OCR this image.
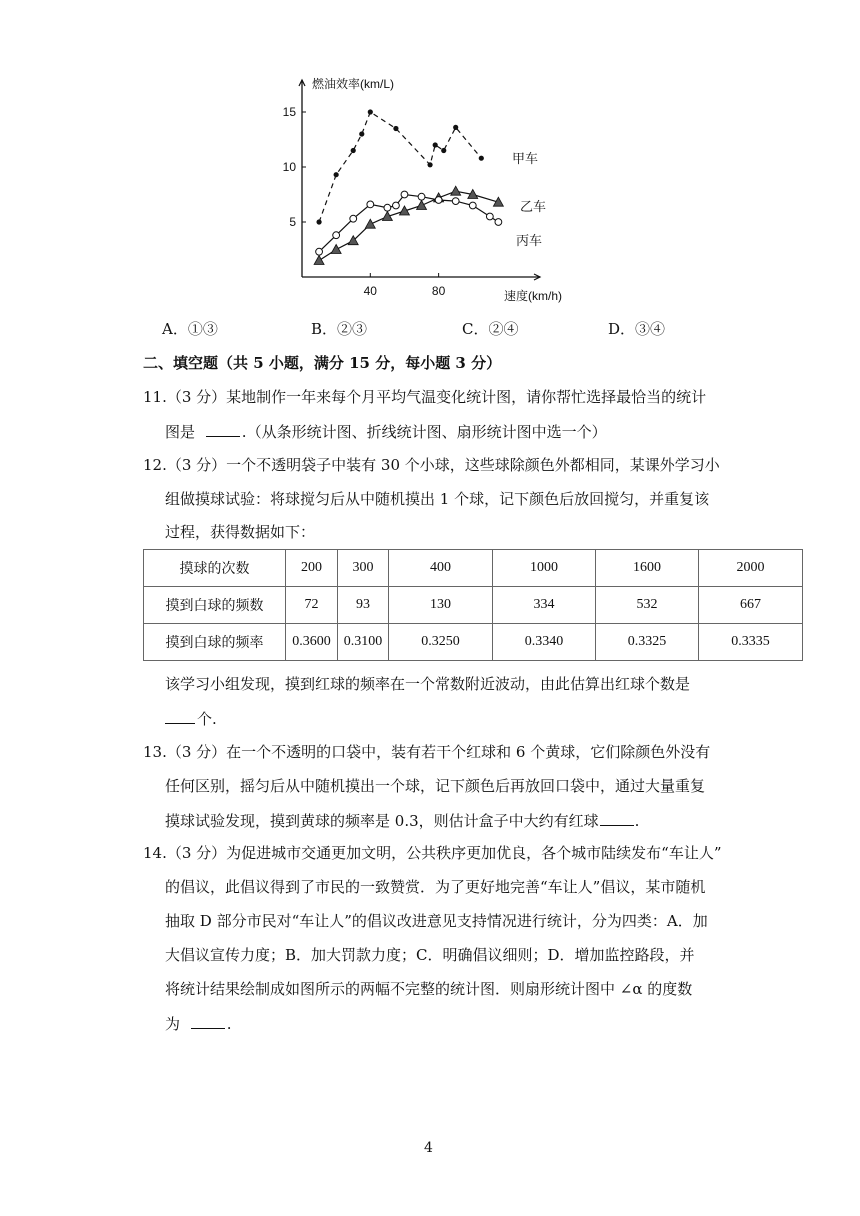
40	80
5
10
15
燃油效率(km/L)
速度(km/h)
甲车
乙车
丙车
A．①③	B．②③	C．②④	D．③④
二、填空题（共 5 小题，满分 15 分，每小题 3 分）
11.（3 分）某地制作一年来每个月平均气温变化统计图，请你帮忙选择最恰当的统计
图是	.（从条形统计图、折线统计图、扇形统计图中选一个）
12.（3 分）一个不透明袋子中装有 30 个小球，这些球除颜色外都相同，某课外学习小
组做摸球试验：将球搅匀后从中随机摸出 1 个球，记下颜色后放回搅匀，并重复该
过程，获得数据如下：
摸球的次数	200	300	400	1000	1600	2000
摸到白球的频数	72	93	130	334	532	667
摸到白球的频率	0.3600	0.3100	0.3250	0.3340	0.3325	0.3335
该学习小组发现，摸到红球的频率在一个常数附近波动，由此估算出红球个数是
个.
13.（3 分）在一个不透明的口袋中，装有若干个红球和 6 个黄球，它们除颜色外没有
任何区别，摇匀后从中随机摸出一个球，记下颜色后再放回口袋中，通过大量重复
摸球试验发现，摸到黄球的频率是 0.3，则估计盒子中大约有红球 .
14.（3 分）为促进城市交通更加文明，公共秩序更加优良，各个城市陆续发布“车让人”
的倡议，此倡议得到了市民的一致赞赏．为了更好地完善“车让人”倡议，某市随机
抽取 D 部分市民对“车让人”的倡议改进意见支持情况进行统计，分为四类：A．加
大倡议宣传力度；B．加大罚款力度；C．明确倡议细则；D．增加监控路段，并
将统计结果绘制成如图所示的两幅不完整的统计图．则扇形统计图中 ∠α 的度数
为	.
4
